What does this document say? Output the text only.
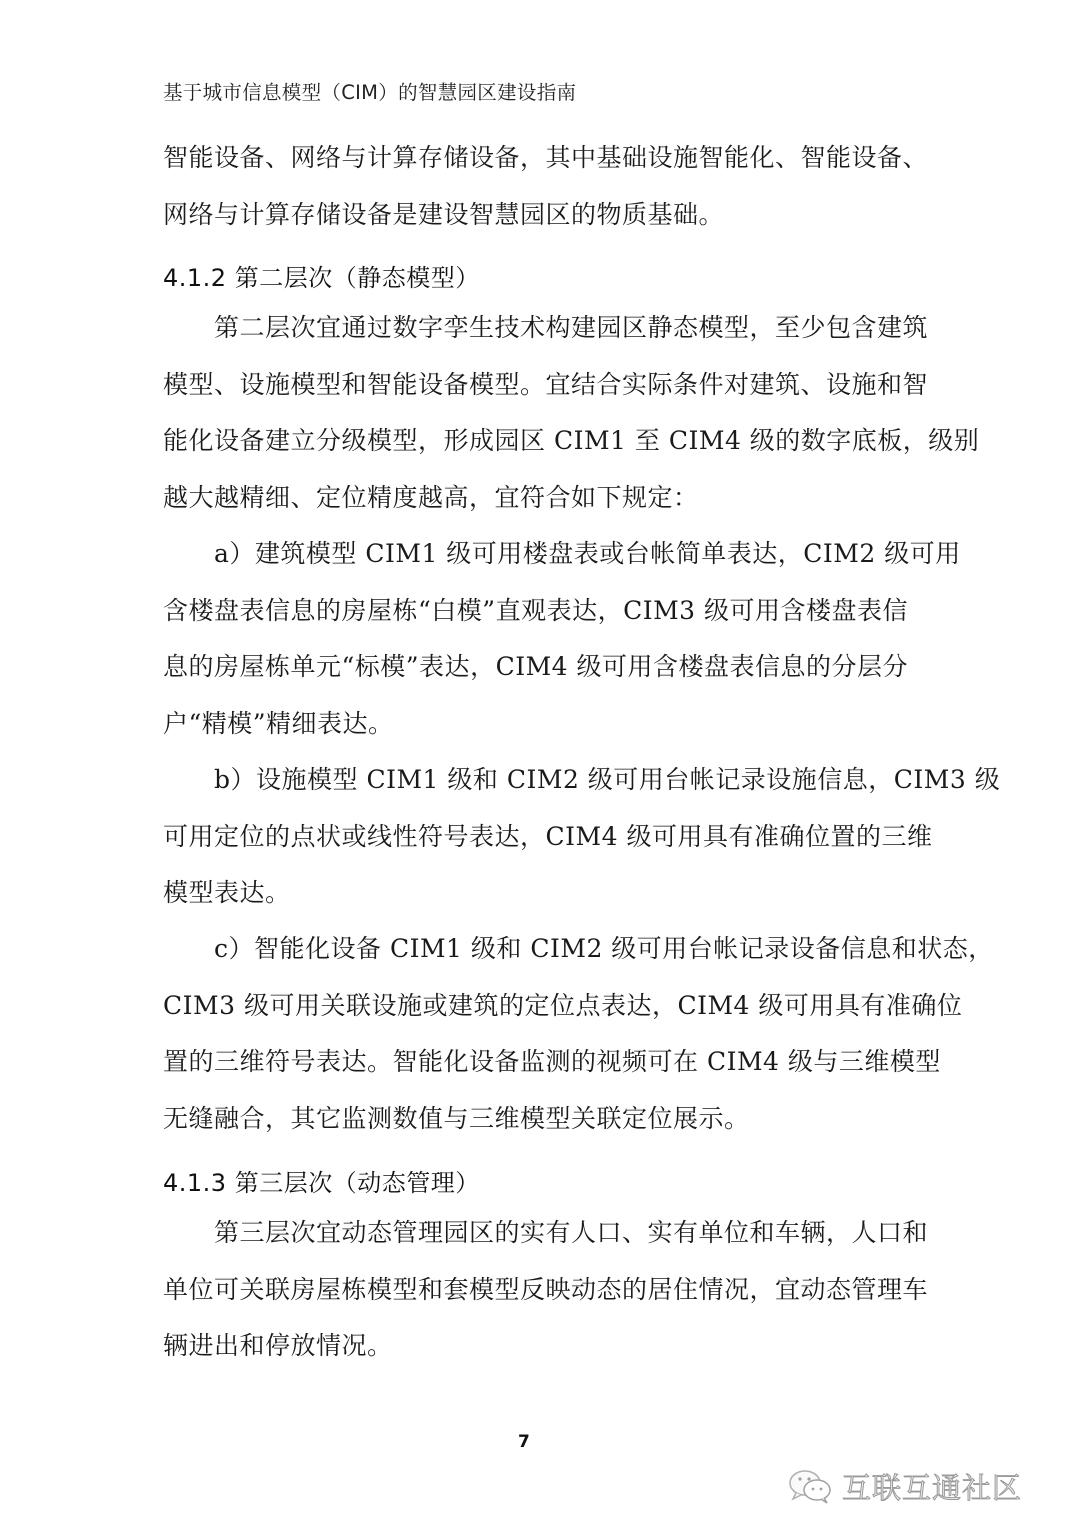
基于城市信息模型（CIM）的智慧园区建设指南
智能设备、网络与计算存储设备，其中基础设施智能化、智能设备、
网络与计算存储设备是建设智慧园区的物质基础。
4.1.2 第二层次（静态模型）
第二层次宜通过数字孪生技术构建园区静态模型，至少包含建筑
模型、设施模型和智能设备模型。宜结合实际条件对建筑、设施和智
能化设备建立分级模型，形成园区 CIM1 至 CIM4 级的数字底板，级别
越大越精细、定位精度越高，宜符合如下规定：
a）建筑模型 CIM1 级可用楼盘表或台帐简单表达，CIM2 级可用
含楼盘表信息的房屋栋“白模”直观表达，CIM3 级可用含楼盘表信
息的房屋栋单元“标模”表达，CIM4 级可用含楼盘表信息的分层分
户“精模”精细表达。
b）设施模型 CIM1 级和 CIM2 级可用台帐记录设施信息，CIM3 级
可用定位的点状或线性符号表达，CIM4 级可用具有准确位置的三维
模型表达。
c）智能化设备 CIM1 级和 CIM2 级可用台帐记录设备信息和状态，
CIM3 级可用关联设施或建筑的定位点表达，CIM4 级可用具有准确位
置的三维符号表达。智能化设备监测的视频可在 CIM4 级与三维模型
无缝融合，其它监测数值与三维模型关联定位展示。
4.1.3 第三层次（动态管理）
第三层次宜动态管理园区的实有人口、实有单位和车辆，人口和
单位可关联房屋栋模型和套模型反映动态的居住情况，宜动态管理车
辆进出和停放情况。
7
互联互通社区
